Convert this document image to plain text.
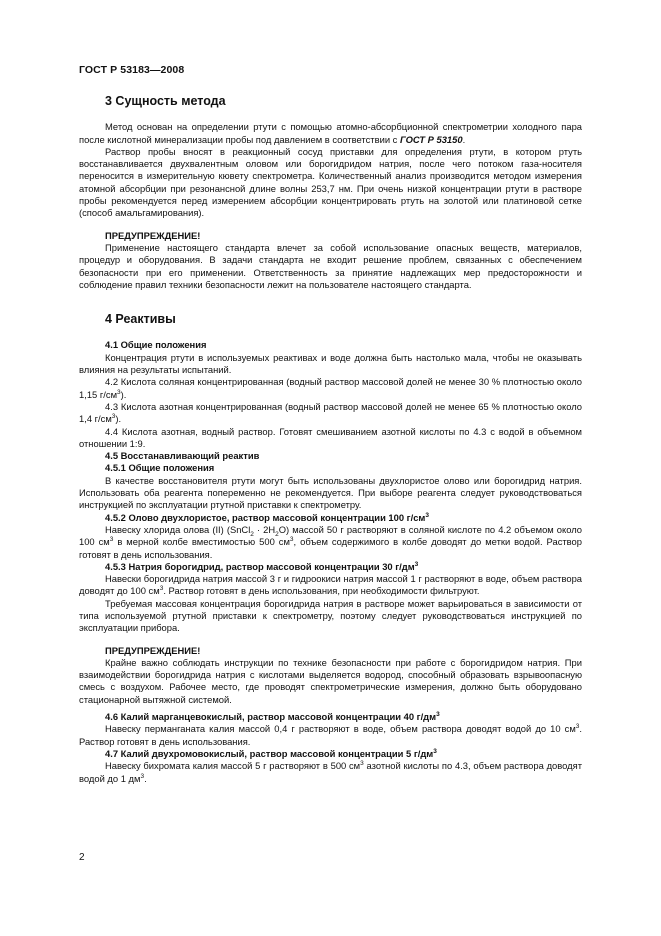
ГОСТ Р 53183—2008
3 Сущность метода

Метод основан на определении ртути с помощью атомно-абсорбционной спектрометрии холодного пара после кислотной минерализации пробы под давлением в соответствии с ГОСТ Р 53150.

Раствор пробы вносят в реакционный сосуд приставки для определения ртути, в котором ртуть восстанавливается двухвалентным оловом или борогидридом натрия, после чего потоком газа-носителя переносится в измерительную кювету спектрометра. Количественный анализ производится методом измерения атомной абсорбции при резонансной длине волны 253,7 нм. При очень низкой концентрации ртути в растворе пробы рекомендуется перед измерением абсорбции концентрировать ртуть на золотой или платиновой сетке (способ амальгамирования).

ПРЕДУПРЕЖДЕНИЕ!

Применение настоящего стандарта влечет за собой использование опасных веществ, материалов, процедур и оборудования. В задачи стандарта не входит решение проблем, связанных с обеспечением безопасности при его применении. Ответственность за принятие надлежащих мер предосторожности и соблюдение правил техники безопасности лежит на пользователе настоящего стандарта.

4 Реактивы
4.1 Общие положения

Концентрация ртути в используемых реактивах и воде должна быть настолько мала, чтобы не оказывать влияния на результаты испытаний.

4.2 Кислота соляная концентрированная (водный раствор массовой долей не менее 30 % плотностью около 1,15 $г/см^3$).

4.3 Кислота азотная концентрированная (водный раствор массовой долей не менее 65 % плотностью около 1,4 $г/см^3$).

4.4 Кислота азотная, водный раствор. Готовят смешиванием азотной кислоты по 4.3 с водой в объемном отношении 1:9.

4.5 Восстанавливающий реактив
4.5.1 Общие положения

В качестве восстановителя ртути могут быть использованы двухлористое олово или борогидрид натрия. Использовать оба реагента попеременно не рекомендуется. При выборе реагента следует руководствоваться инструкцией по эксплуатации ртутной приставки к спектрометру.

4.5.2 Олово двухлористое, раствор массовой концентрации 100 $г/см^3$

Навеску хлорида олова (II) (SnCl$_2$ · $2H_2O$) массой 50 г растворяют в соляной кислоте по 4.2 объемом около 100 $см^3$ в мерной колбе вместимостью 500 $см^3$, объем содержимого в колбе доводят до метки водой. Раствор готовят в день использования.

4.5.3 Натрия борогидрид, раствор массовой концентрации 30 $г/дм^3$

Навески борогидрида натрия массой 3 г и гидроокиси натрия массой 1 г растворяют в воде, объем раствора доводят до 100 $см^3$. Раствор готовят в день использования, при необходимости фильтруют.

Требуемая массовая концентрация борогидрида натрия в растворе может варьироваться в зависимости от типа используемой ртутной приставки к спектрометру, поэтому следует руководствоваться инструкцией по эксплуатации прибора.

ПРЕДУПРЕЖДЕНИЕ!

Крайне важно соблюдать инструкции по технике безопасности при работе с борогидридом натрия. При взаимодействии борогидрида натрия с кислотами выделяется водород, способный образовать взрывоопасную смесь с воздухом. Рабочее место, где проводят спектрометрические измерения, должно быть оборудовано стационарной вытяжной системой.

4.6 Калий марганцевокислый, раствор массовой концентрации 40 $г/дм^3$

Навеску перманганата калия массой 0,4 г растворяют в воде, объем раствора доводят водой до 10 $см^3$. Раствор готовят в день использования.

4.7 Калий двухромовокислый, раствор массовой концентрации 5 $г/дм^3$

Навеску бихромата калия массой 5 г растворяют в 500 $см^3$ азотной кислоты по 4.3, объем раствора доводят водой до 1 $дм^3$.

2
